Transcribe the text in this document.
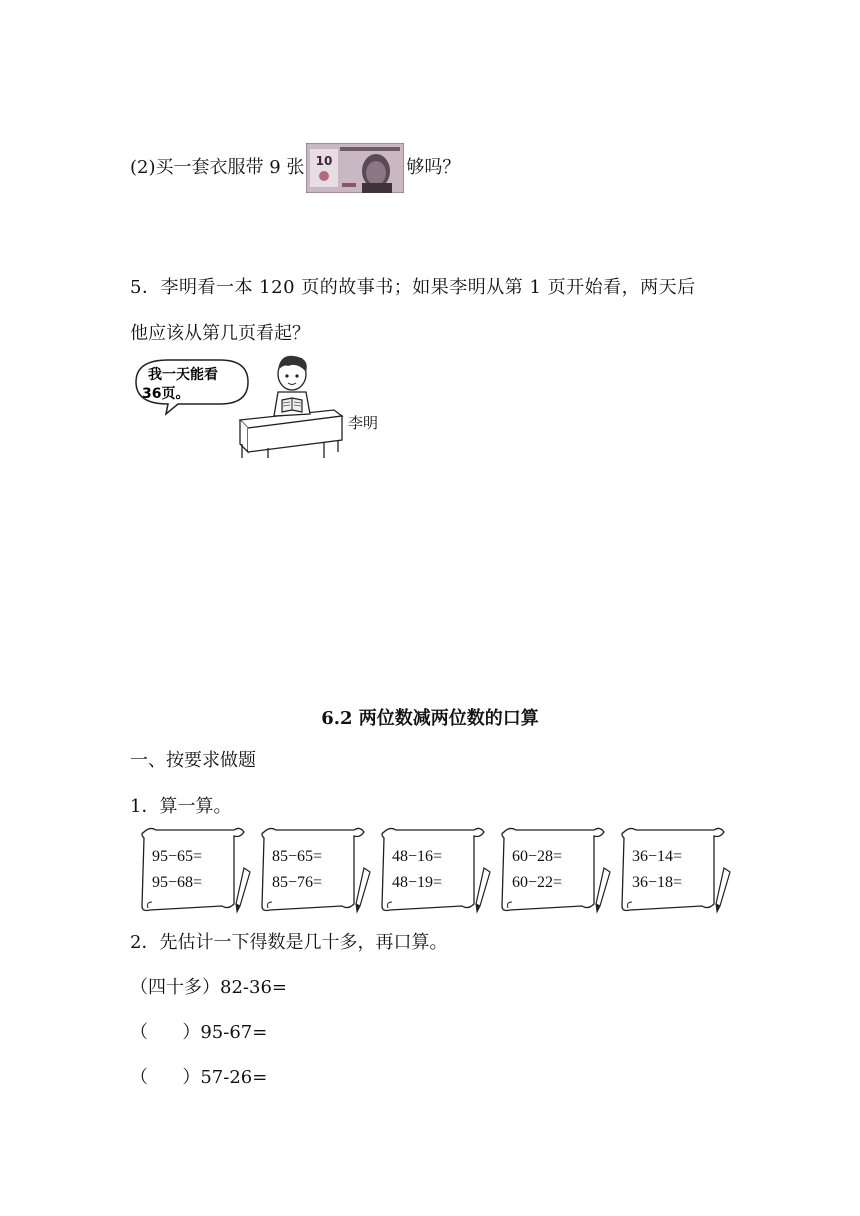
(2)买一套衣服带 9 张 10	够吗？
5．李明看一本 120 页的故事书；如果李明从第 1 页开始看，两天后
他应该从第几页看起？
我一天能看
36页。
李明
6.2 两位数减两位数的口算
一、按要求做题
1．算一算。
95−65=
95−68=
85−65=
85−76=
48−16=
48−19=
60−28=
60−22=
36−14=
36−18=
2．先估计一下得数是几十多，再口算。
（四十多）82-36=
（      ）95-67=
（      ）57-26=
